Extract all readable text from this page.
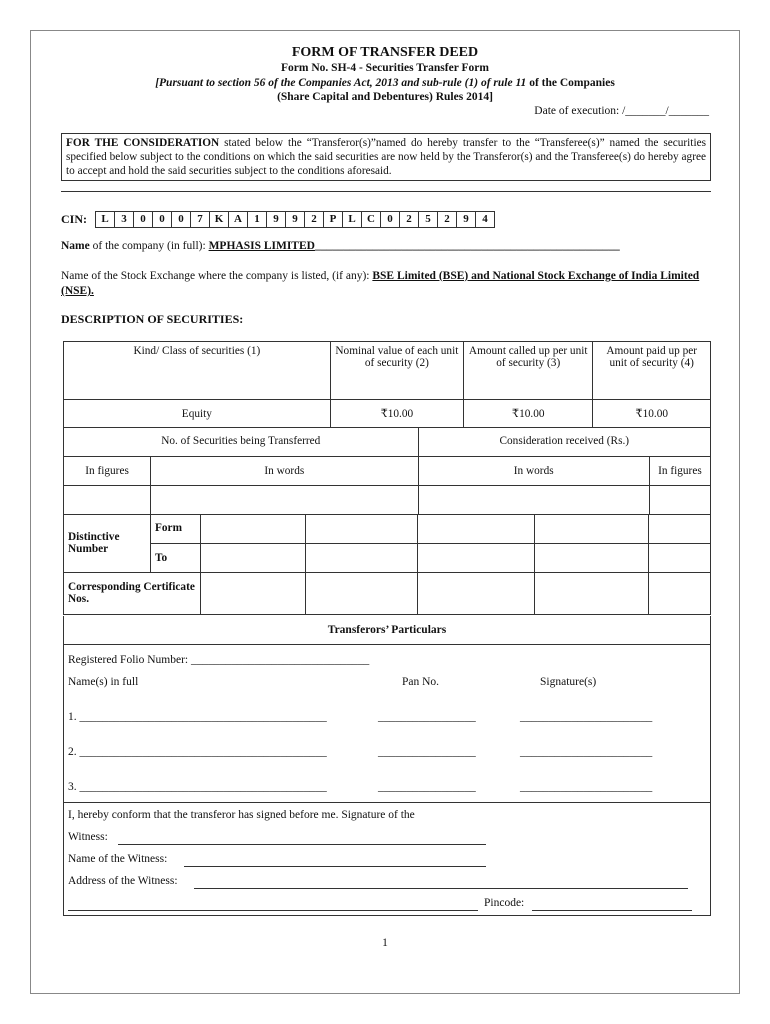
FORM OF TRANSFER DEED
Form No. SH-4 - Securities Transfer Form
[Pursuant to section 56 of the Companies Act, 2013 and sub-rule (1) of rule 11 of the Companies
(Share Capital and Debentures) Rules 2014]
Date of execution: /_______/_______
FOR THE CONSIDERATION stated below the “Transferor(s)”named do hereby transfer to the “Transferee(s)” named the securities specified below subject to the conditions on which the said securities are now held by the Transferor(s) and the Transferee(s) do hereby agree to accept and hold the said securities subject to the conditions aforesaid.
CIN:	L	3	0	0	0	7	K A	1	9	9	2	P	L	C	0	2	5	2	9	4
Name of the company (in full): MPHASIS LIMITED_____________________________________________________
Name of the Stock Exchange where the company is listed, (if any): BSE Limited (BSE) and National Stock Exchange of India Limited (NSE).
DESCRIPTION OF SECURITIES:
Kind/ Class of securities (1)	Nominal value of each unit of security (2)	Amount called up per unit of security (3)	Amount paid up per unit of security (4)
Equity	₹10.00	₹10.00	₹10.00
No. of Securities being Transferred		Consideration received (Rs.)	
In figures	In words	In words	In figures

Distinctive Number	Form					
	To					
Corresponding Certificate Nos.						
Transferors’ Particulars
Registered Folio Number: _______________________________
Name(s) in full	Pan No.	Signature(s)
1. ___________________________________________	_________________	_______________________
2. ___________________________________________	_________________	_______________________
3. ___________________________________________	_________________	_______________________
I, hereby conform that the transferor has signed before me. Signature of the
Witness:
Name of the Witness:
Address of the Witness:
Pincode:
1
